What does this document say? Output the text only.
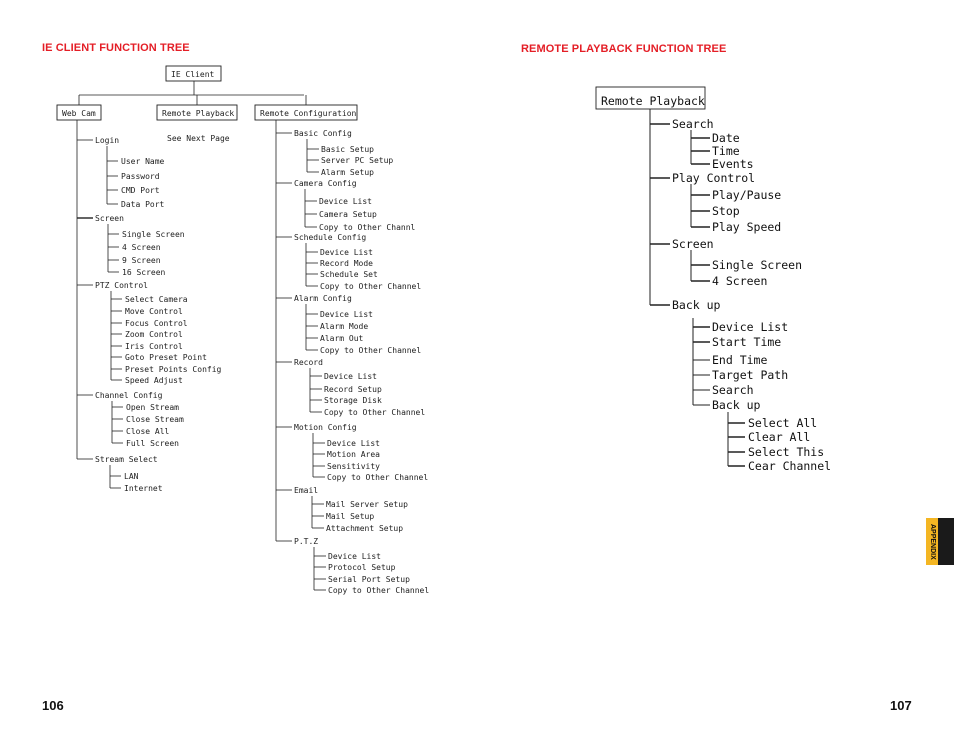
IE CLIENT FUNCTION TREE	REMOTE PLAYBACK FUNCTION TREE
IE Client
Web Cam	Remote Playback	Remote Configuration
See Next Page
Login
User Name
Password
CMD Port
Data Port
Screen
Single Screen
4 Screen
9 Screen
16 Screen
PTZ Control
Select Camera
Move Control
Focus Control
Zoom Control
Iris Control
Goto Preset Point
Preset Points Config
Speed Adjust
Channel Config
Open Stream
Close Stream
Close All
Full Screen
Stream Select
LAN
Internet
Basic Config
Basic Setup
Server PC Setup
Alarm Setup
Camera Config
Device List
Camera Setup
Copy to Other Channl
Schedule Config
Device List
Record Mode
Schedule Set
Copy to Other Channel
Alarm Config
Device List
Alarm Mode
Alarm Out
Copy to Other Channel
Record
Device List
Record Setup
Storage Disk
Copy to Other Channel
Motion Config
Device List
Motion Area
Sensitivity
Copy to Other Channel
Email
Mail Server Setup
Mail Setup
Attachment Setup
P.T.Z
Device List
Protocol Setup
Serial Port Setup
Copy to Other Channel
Remote Playback
Search
Date
Time
Events
Play Control
Play/Pause
Stop
Play Speed
Screen
Single Screen
4 Screen
Back up
Device List
Start Time
End Time
Target Path
Search
Back up
Select All
Clear All
Select This
Cear Channel
106	107
APPENDIX
